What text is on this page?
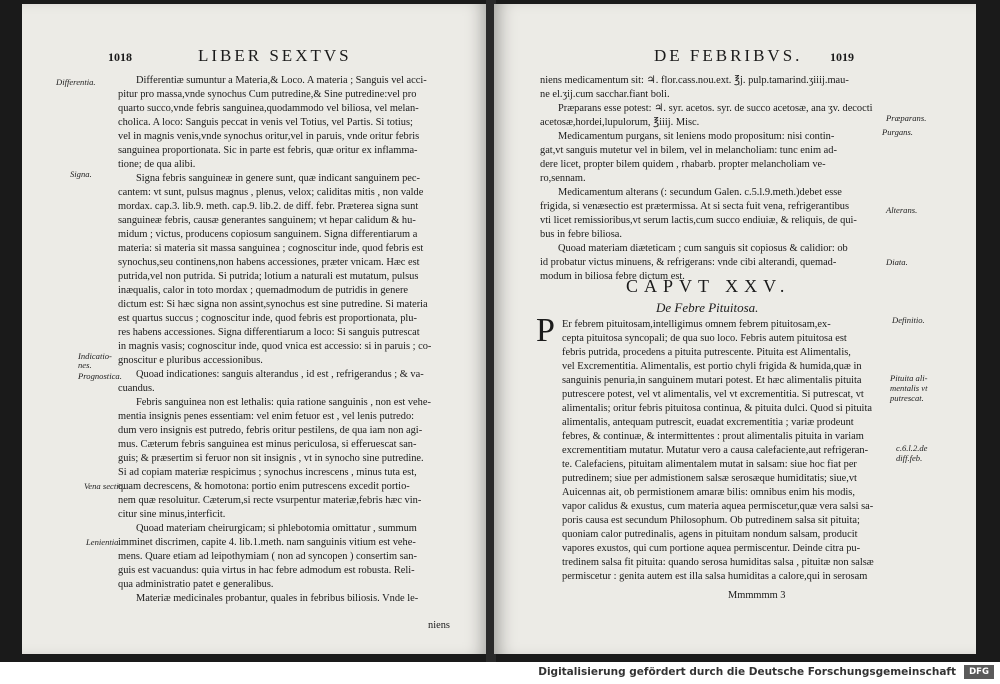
1018	LIBER SEXTVS
Differentia.
Signa.
Indicatio-
nes.
Prognostica.
Vena sectio.
Lenientia.
Differentiæ sumuntur a Materia,& Loco. A materia ; Sanguis vel acci-
pitur pro massa,vnde synochus Cum putredine,& Sine putredine:vel pro
quarto succo,vnde febris sanguinea,quodammodo vel biliosa, vel melan-
cholica. A loco: Sanguis peccat in venis vel Totius, vel Partis. Si totius;
vel in magnis venis,vnde synochus oritur,vel in paruis, vnde oritur febris
sanguinea proportionata. Sic in parte est febris, quæ oritur ex inflamma-
tione; de qua alibi.
Signa febris sanguineæ in genere sunt, quæ indicant sanguinem pec-
cantem: vt sunt, pulsus magnus , plenus, velox; caliditas mitis , non valde
mordax. cap.3. lib.9. meth. cap.9. lib.2. de diff. febr. Præterea signa sunt
sanguineæ febris, causæ generantes sanguinem; vt hepar calidum & hu-
midum ; victus, producens copiosum sanguinem. Signa differentiarum a
materia: si materia sit massa sanguinea ; cognoscitur inde, quod febris est
synochus,seu continens,non habens accessiones, præter vnicam. Hæc est
putrida,vel non putrida. Si putrida; lotium a naturali est mutatum, pulsus
inæqualis, calor in toto mordax ; quemadmodum de putridis in genere
dictum est: Si hæc signa non assint,synochus est sine putredine. Si materia
est quartus succus ; cognoscitur inde, quod febris est proportionata, plu-
res habens accessiones. Signa differentiarum a loco: Si sanguis putrescat
in magnis vasis; cognoscitur inde, quod vnica est accessio: si in paruis ; co-
gnoscitur e pluribus accessionibus.
Quoad indicationes: sanguis alterandus , id est , refrigerandus ; & va-
cuandus.
Febris sanguinea non est lethalis: quia ratione sanguinis , non est vehe-
mentia insignis penes essentiam: vel enim fetuor est , vel lenis putredo:
dum vero insignis est putredo, febris oritur pestilens, de qua iam non agi-
mus. Cæterum febris sanguinea est minus periculosa, si efferuescat san-
guis; & præsertim si feruor non sit insignis , vt in synocho sine putredine.
Si ad copiam materiæ respicimus ; synochus increscens , minus tuta est,
quam decrescens, & homotona: portio enim putrescens excedit portio-
nem quæ resoluitur. Cæterum,si recte vsurpentur materiæ,febris hæc vin-
citur sine minus,interficit.
Quoad materiam cheirurgicam; si phlebotomia omittatur , summum
imminet discrimen, capite 4. lib.1.meth. nam sanguinis vitium est vehe-
mens. Quare etiam ad leipothymiam ( non ad syncopen ) consertim san-
guis est vacuandus: quia virtus in hac febre admodum est robusta. Reli-
qua administratio patet e generalibus.
Materiæ medicinales probantur, quales in febribus biliosis. Vnde le-
niens
DE FEBRIBVS. 1019
Præparans.
Purgans.
Alterans.
Diata.
Definitio.
Pituita ali-
mentalis vt
putrescat.
c.6.l.2.de
diff.feb.
niens medicamentum sit: ♃. flor.cass.nou.ext. ℥j. pulp.tamarind.ʒiiij.mau-
ne el.ʒij.cum sacchar.fiant boli.
Præparans esse potest: ♃. syr. acetos. syr. de succo acetosæ, ana ʒv. decocti
acetosæ,hordei,lupulorum, ℥iiij. Misc.
Medicamentum purgans, sit leniens modo propositum: nisi contin-
gat,vt sanguis mutetur vel in bilem, vel in melancholiam: tunc enim ad-
dere licet, propter bilem quidem , rhabarb. propter melancholiam ve-
ro,sennam.
Medicamentum alterans (: secundum Galen. c.5.l.9.meth.)debet esse
frigida, si venæsectio est prætermissa. At si secta fuit vena, refrigerantibus
vti licet remissioribus,vt serum lactis,cum succo endiuiæ, & reliquis, de qui-
bus in febre biliosa.
Quoad materiam diæteticam ; cum sanguis sit copiosus & calidior: ob
id probatur victus minuens, & refrigerans: vnde cibi alterandi, quemad-
modum in biliosa febre dictum est.
CAPVT XXV.
De Febre Pituitosa.
P Er febrem pituitosam,intelligimus omnem febrem pituitosam,ex-
cepta pituitosa syncopali; de qua suo loco. Febris autem pituitosa est
febris putrida, procedens a pituita putrescente. Pituita est Alimentalis,
vel Excrementitia. Alimentalis, est portio chyli frigida & humida,quæ in
sanguinis penuria,in sanguinem mutari potest. Et hæc alimentalis pituita
putrescere potest, vel vt alimentalis, vel vt excrementitia. Si putrescat, vt
alimentalis; oritur febris pituitosa continua, & pituita dulci. Quod si pituita
alimentalis, antequam putrescit, euadat excrementitia ; variæ prodeunt
febres, & continuæ, & intermittentes : prout alimentalis pituita in variam
excrementitiam mutatur. Mutatur vero a causa calefaciente,aut refrigeran-
te. Calefaciens, pituitam alimentalem mutat in salsam: siue hoc fiat per
putredinem; siue per admistionem salsæ serosæque humiditatis; siue,vt
Auicennas ait, ob permistionem amaræ bilis: omnibus enim his modis,
vapor calidus & exustus, cum materia aquea permiscetur,quæ vera salsi sa-
poris causa est secundum Philosophum. Ob putredinem salsa sit pituita;
quoniam calor putredinalis, agens in pituitam nondum salsam, producit
vapores exustos, qui cum portione aquea permiscentur. Deinde citra pu-
tredinem salsa fit pituita: quando serosa humiditas salsa , pituitæ non salsæ
permiscetur : genita autem est illa salsa humiditas a calore,qui in serosam
Mmmmmm 3
Digitalisierung gefördert durch die Deutsche Forschungsgemeinschaft	DFG
